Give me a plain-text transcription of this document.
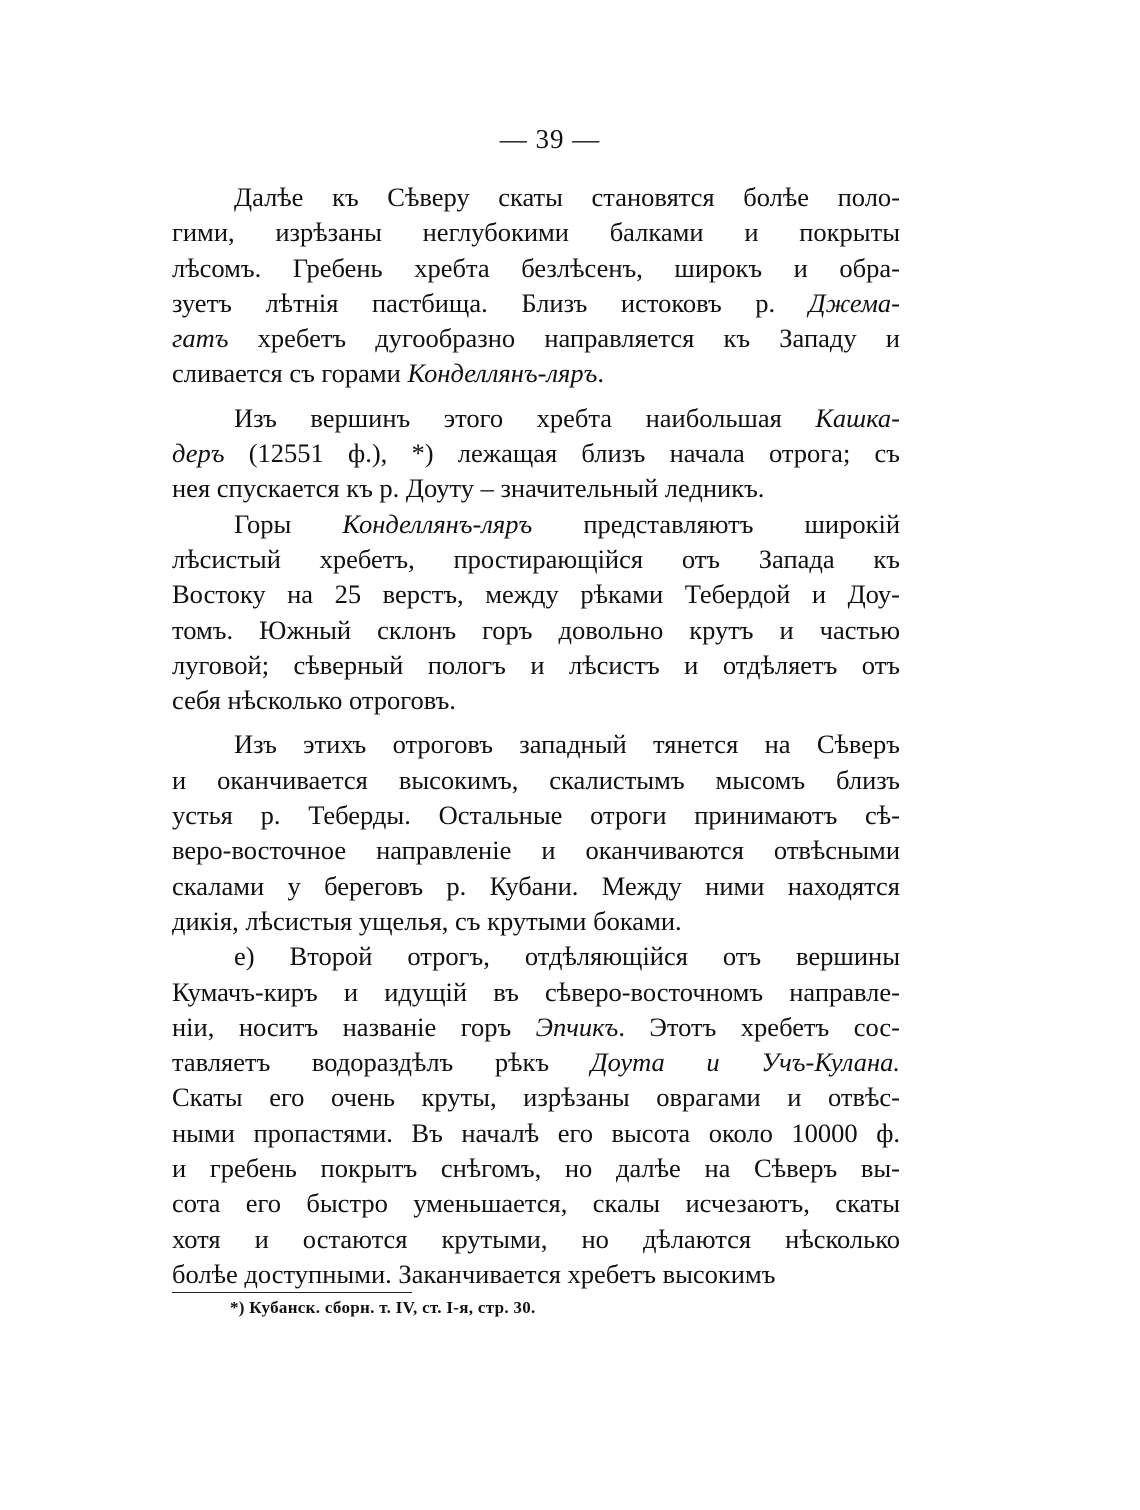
— 39 —
Далѣе къ Сѣверу скаты становятся болѣе поло-
гими, изрѣзаны неглубокими балками и покрыты
лѣсомъ. Гребень хребта безлѣсенъ, широкъ и обра-
зуетъ лѣтнія пастбища. Близъ истоковъ р. Джема-
гатъ хребетъ дугообразно направляется къ Западу и
сливается съ горами Конделлянъ-ляръ.
Изъ вершинъ этого хребта наибольшая Кашка-
деръ (12551 ф.), *) лежащая близъ начала отрога; съ
нея спускается къ р. Доуту – значительный ледникъ.
Горы Конделлянъ-ляръ представляютъ широкій
лѣсистый хребетъ, простирающійся отъ Запада къ
Востоку на 25 верстъ, между рѣками Тебердой и Доу-
томъ. Южный склонъ горъ довольно крутъ и частью
луговой; сѣверный пологъ и лѣсистъ и отдѣляетъ отъ
себя нѣсколько отроговъ.
Изъ этихъ отроговъ западный тянется на Сѣверъ
и оканчивается высокимъ, скалистымъ мысомъ близъ
устья р. Теберды. Остальные отроги принимаютъ сѣ-
веро-восточное направленіе и оканчиваются отвѣсными
скалами у береговъ р. Кубани. Между ними находятся
дикія, лѣсистыя ущелья, съ крутыми боками.
е) Второй отрогъ, отдѣляющійся отъ вершины
Кумачъ-киръ и идущій въ сѣверо-восточномъ направле-
ніи, носитъ названіе горъ Эпчикъ. Этотъ хребетъ сос-
тавляетъ водораздѣлъ рѣкъ Доута и Учъ-Кулана.
Скаты его очень круты, изрѣзаны оврагами и отвѣс-
ными пропастями. Въ началѣ его высота около 10000 ф.
и гребень покрытъ снѣгомъ, но далѣе на Сѣверъ вы-
сота его быстро уменьшается, скалы исчезаютъ, скаты
хотя и остаются крутыми, но дѣлаются нѣсколько
болѣе доступными. Заканчивается хребетъ высокимъ
*) Кубанск. сборн. т. IV, ст. I-я, стр. 30.
